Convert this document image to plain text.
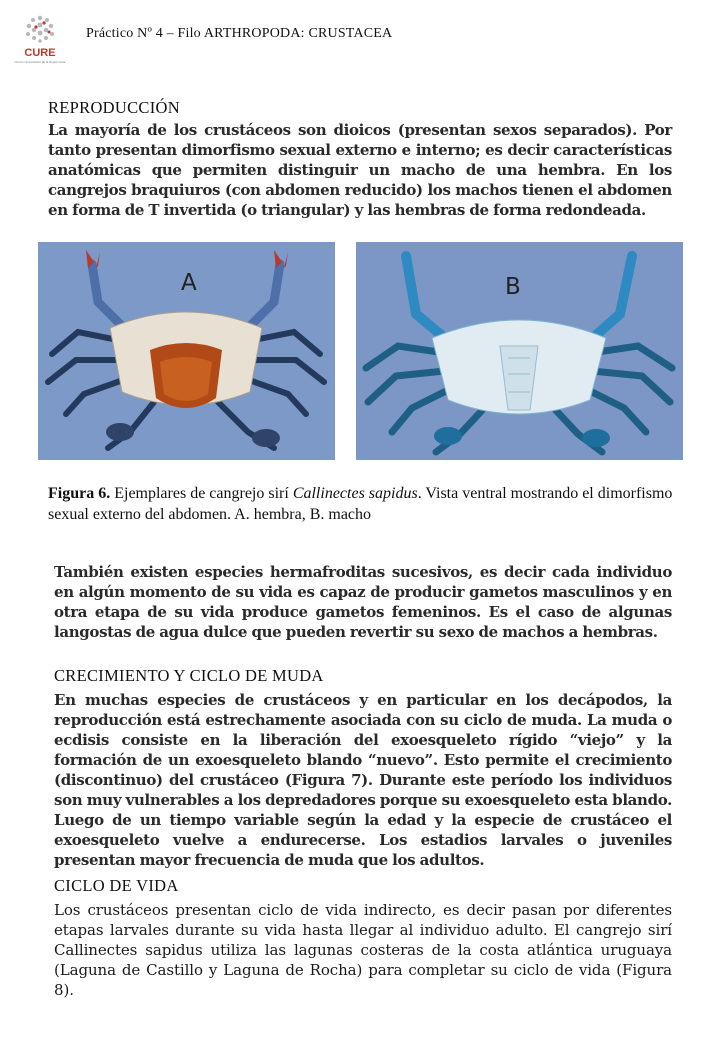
CURE
Centro Universitario de la Región Este
Práctico Nº 4 – Filo ARTHROPODA: CRUSTACEA
REPRODUCCIÓN

La mayoría de los crustáceos son dioicos (presentan sexos separados). Por tanto presentan dimorfismo sexual externo e interno; es decir características anatómicas que permiten distinguir un macho de una hembra. En los cangrejos braquiuros (con abdomen reducido) los machos tienen el abdomen en forma de T invertida (o triangular) y las hembras de forma redondeada.

A	B

Figura 6. Ejemplares de cangrejo sirí Callinectes sapidus. Vista ventral mostrando el dimorfismo sexual externo del abdomen. A. hembra, B. macho

También existen especies hermafroditas sucesivos, es decir cada individuo en algún momento de su vida es capaz de producir gametos masculinos y en otra etapa de su vida produce gametos femeninos. Es el caso de algunas langostas de agua dulce que pueden revertir su sexo de machos a hembras.

CRECIMIENTO Y CICLO DE MUDA

En muchas especies de crustáceos y en particular en los decápodos, la reproducción está estrechamente asociada con su ciclo de muda. La muda o ecdisis consiste en la liberación del exoesqueleto rígido “viejo” y la formación de un exoesqueleto blando “nuevo”. Esto permite el crecimiento (discontinuo) del crustáceo (Figura 7). Durante este período los individuos son muy vulnerables a los depredadores porque su exoesqueleto esta blando. Luego de un tiempo variable según la edad y la especie de crustáceo el exoesqueleto vuelve a endurecerse. Los estadios larvales o juveniles presentan mayor frecuencia de muda que los adultos.

CICLO DE VIDA

Los crustáceos presentan ciclo de vida indirecto, es decir pasan por diferentes etapas larvales durante su vida hasta llegar al individuo adulto. El cangrejo sirí Callinectes sapidus utiliza las lagunas costeras de la costa atlántica uruguaya (Laguna de Castillo y Laguna de Rocha) para completar su ciclo de vida (Figura 8).
